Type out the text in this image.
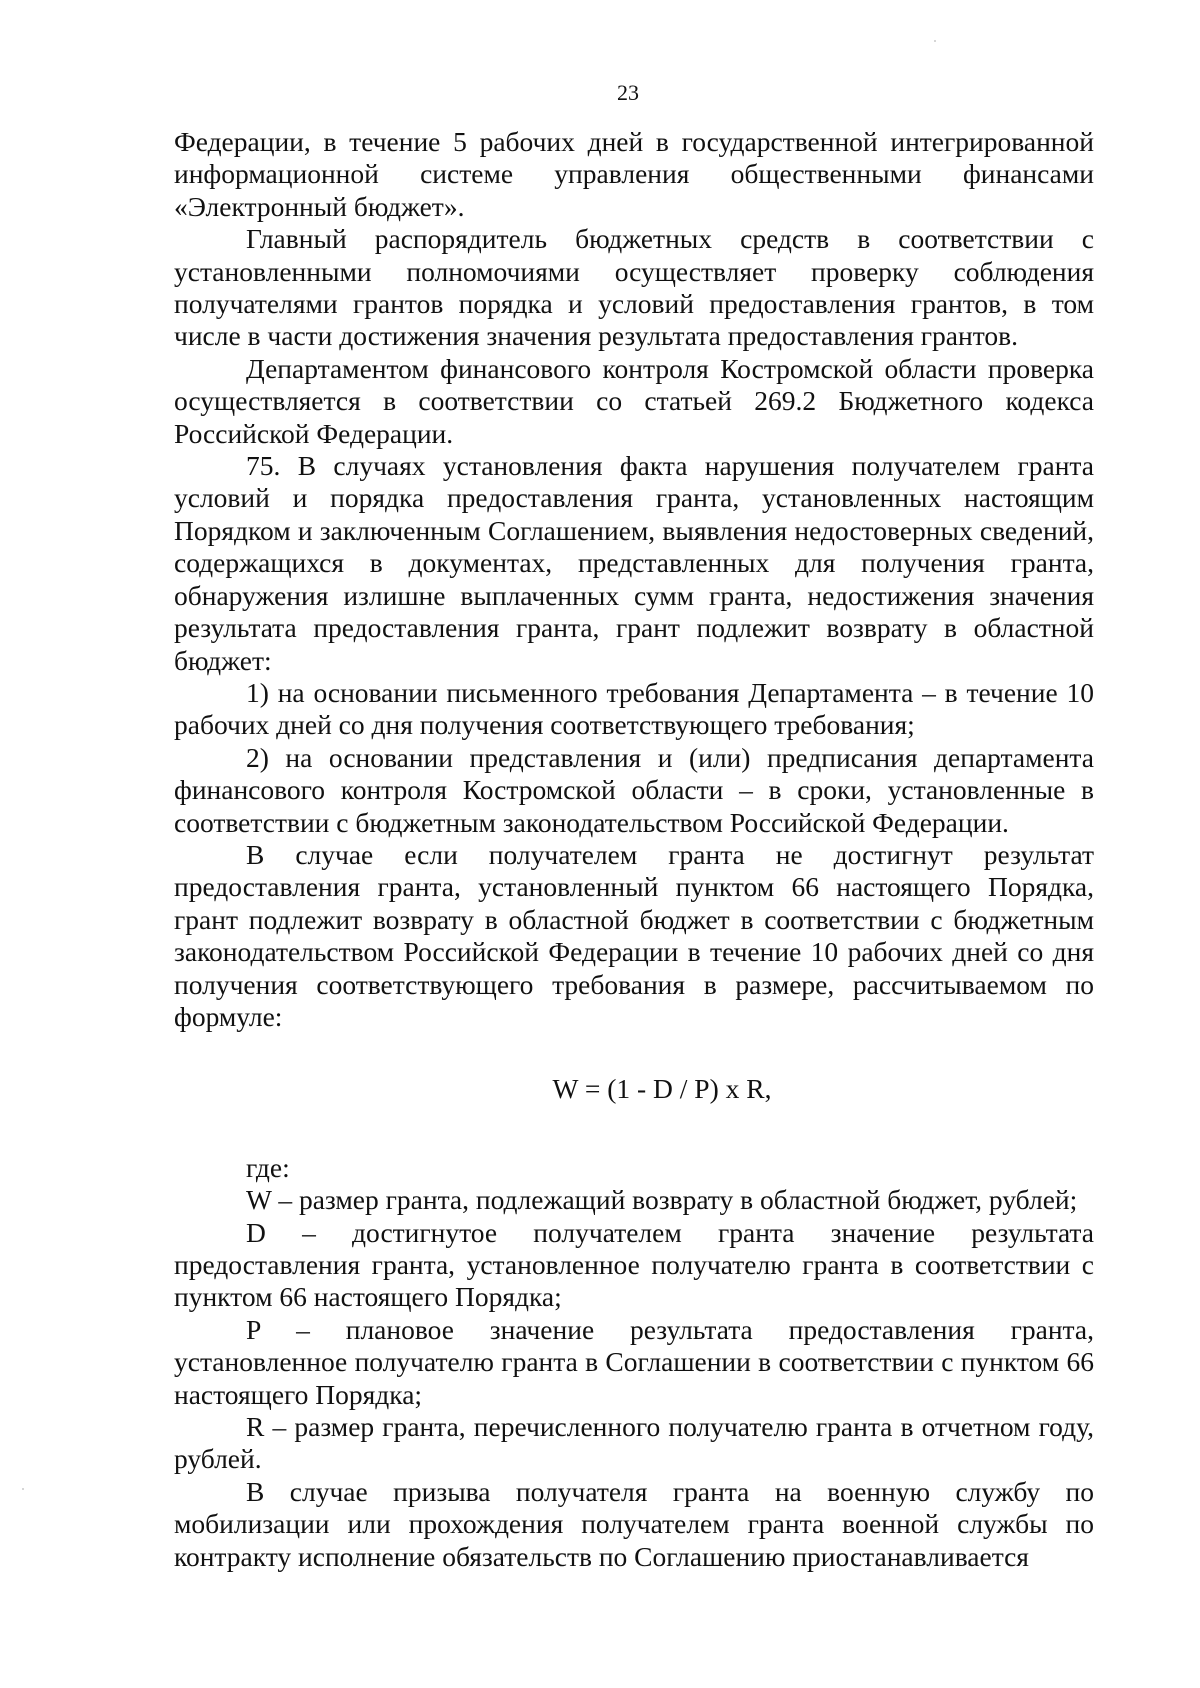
23

Федерации, в течение 5 рабочих дней в государственной интегрированной информационной системе управления общественными финансами «Электронный бюджет».

Главный распорядитель бюджетных средств в соответствии с установленными полномочиями осуществляет проверку соблюдения получателями грантов порядка и условий предоставления грантов, в том числе в части достижения значения результата предоставления грантов.

Департаментом финансового контроля Костромской области проверка осуществляется в соответствии со статьей 269.2 Бюджетного кодекса Российской Федерации.

75. В случаях установления факта нарушения получателем гранта условий и порядка предоставления гранта, установленных настоящим Порядком и заключенным Соглашением, выявления недостоверных сведений, содержащихся в документах, представленных для получения гранта, обнаружения излишне выплаченных сумм гранта, недостижения значения результата предоставления гранта, грант подлежит возврату в областной бюджет:

1) на основании письменного требования Департамента – в течение 10 рабочих дней со дня получения соответствующего требования;

2) на основании представления и (или) предписания департамента финансового контроля Костромской области – в сроки, установленные в соответствии с бюджетным законодательством Российской Федерации.

В случае если получателем гранта не достигнут результат предоставления гранта, установленный пунктом 66 настоящего Порядка, грант подлежит возврату в областной бюджет в соответствии с бюджетным законодательством Российской Федерации в течение 10 рабочих дней со дня получения соответствующего требования в размере, рассчитываемом по формуле:

W = (1 - D / P) x R,

где:

W – размер гранта, подлежащий возврату в областной бюджет, рублей;

D – достигнутое получателем гранта значение результата предоставления гранта, установленное получателю гранта в соответствии с пунктом 66 настоящего Порядка;

P – плановое значение результата предоставления гранта, установленное получателю гранта в Соглашении в соответствии с пунктом 66 настоящего Порядка;

R – размер гранта, перечисленного получателю гранта в отчетном году, рублей.

В случае призыва получателя гранта на военную службу по мобилизации или прохождения получателем гранта военной службы по контракту исполнение обязательств по Соглашению приостанавливается
